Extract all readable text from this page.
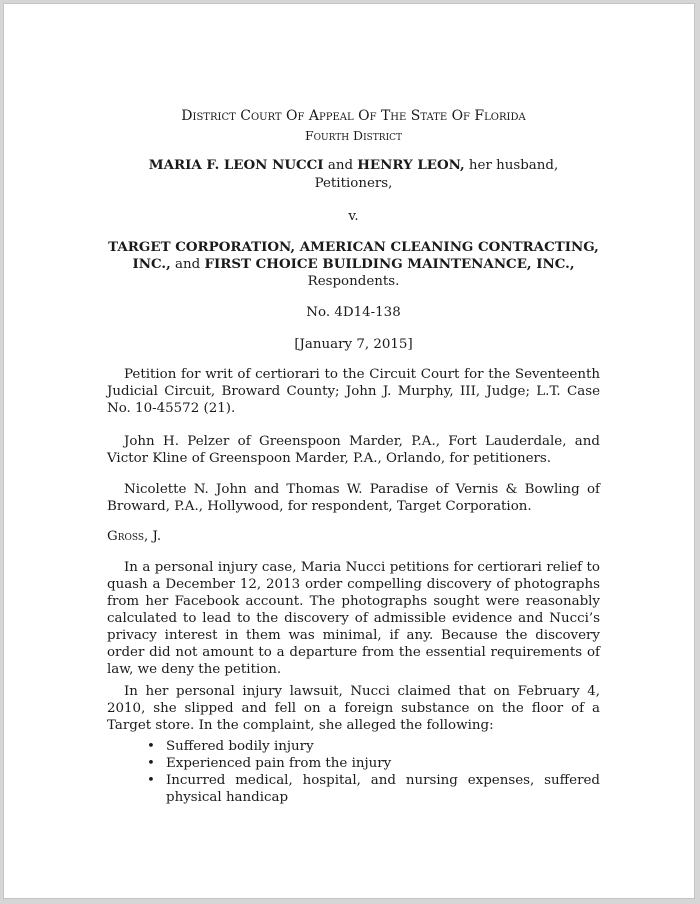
District Court Of Appeal Of The State Of Florida
Fourth District
MARIA F. LEON NUCCI and HENRY LEON, her husband,
Petitioners,
v.
TARGET CORPORATION, AMERICAN CLEANING CONTRACTING,
INC., and FIRST CHOICE BUILDING MAINTENANCE, INC.,
Respondents.
No. 4D14-138
[January 7, 2015]

Petition for writ of certiorari to the Circuit Court for the Seventeenth Judicial Circuit, Broward County; John J. Murphy, III, Judge; L.T. Case No. 10-45572 (21).

John H. Pelzer of Greenspoon Marder, P.A., Fort Lauderdale, and Victor Kline of Greenspoon Marder, P.A., Orlando, for petitioners.

Nicolette N. John and Thomas W. Paradise of Vernis & Bowling of Broward, P.A., Hollywood, for respondent, Target Corporation.

Gross, J.

In a personal injury case, Maria Nucci petitions for certiorari relief to quash a December 12, 2013 order compelling discovery of photographs from her Facebook account. The photographs sought were reasonably calculated to lead to the discovery of admissible evidence and Nucci’s privacy interest in them was minimal, if any. Because the discovery order did not amount to a departure from the essential requirements of law, we deny the petition.

In her personal injury lawsuit, Nucci claimed that on February 4, 2010, she slipped and fell on a foreign substance on the floor of a Target store. In the complaint, she alleged the following:

• Suffered bodily injury
• Experienced pain from the injury
• Incurred medical, hospital, and nursing expenses, suffered physical handicap
